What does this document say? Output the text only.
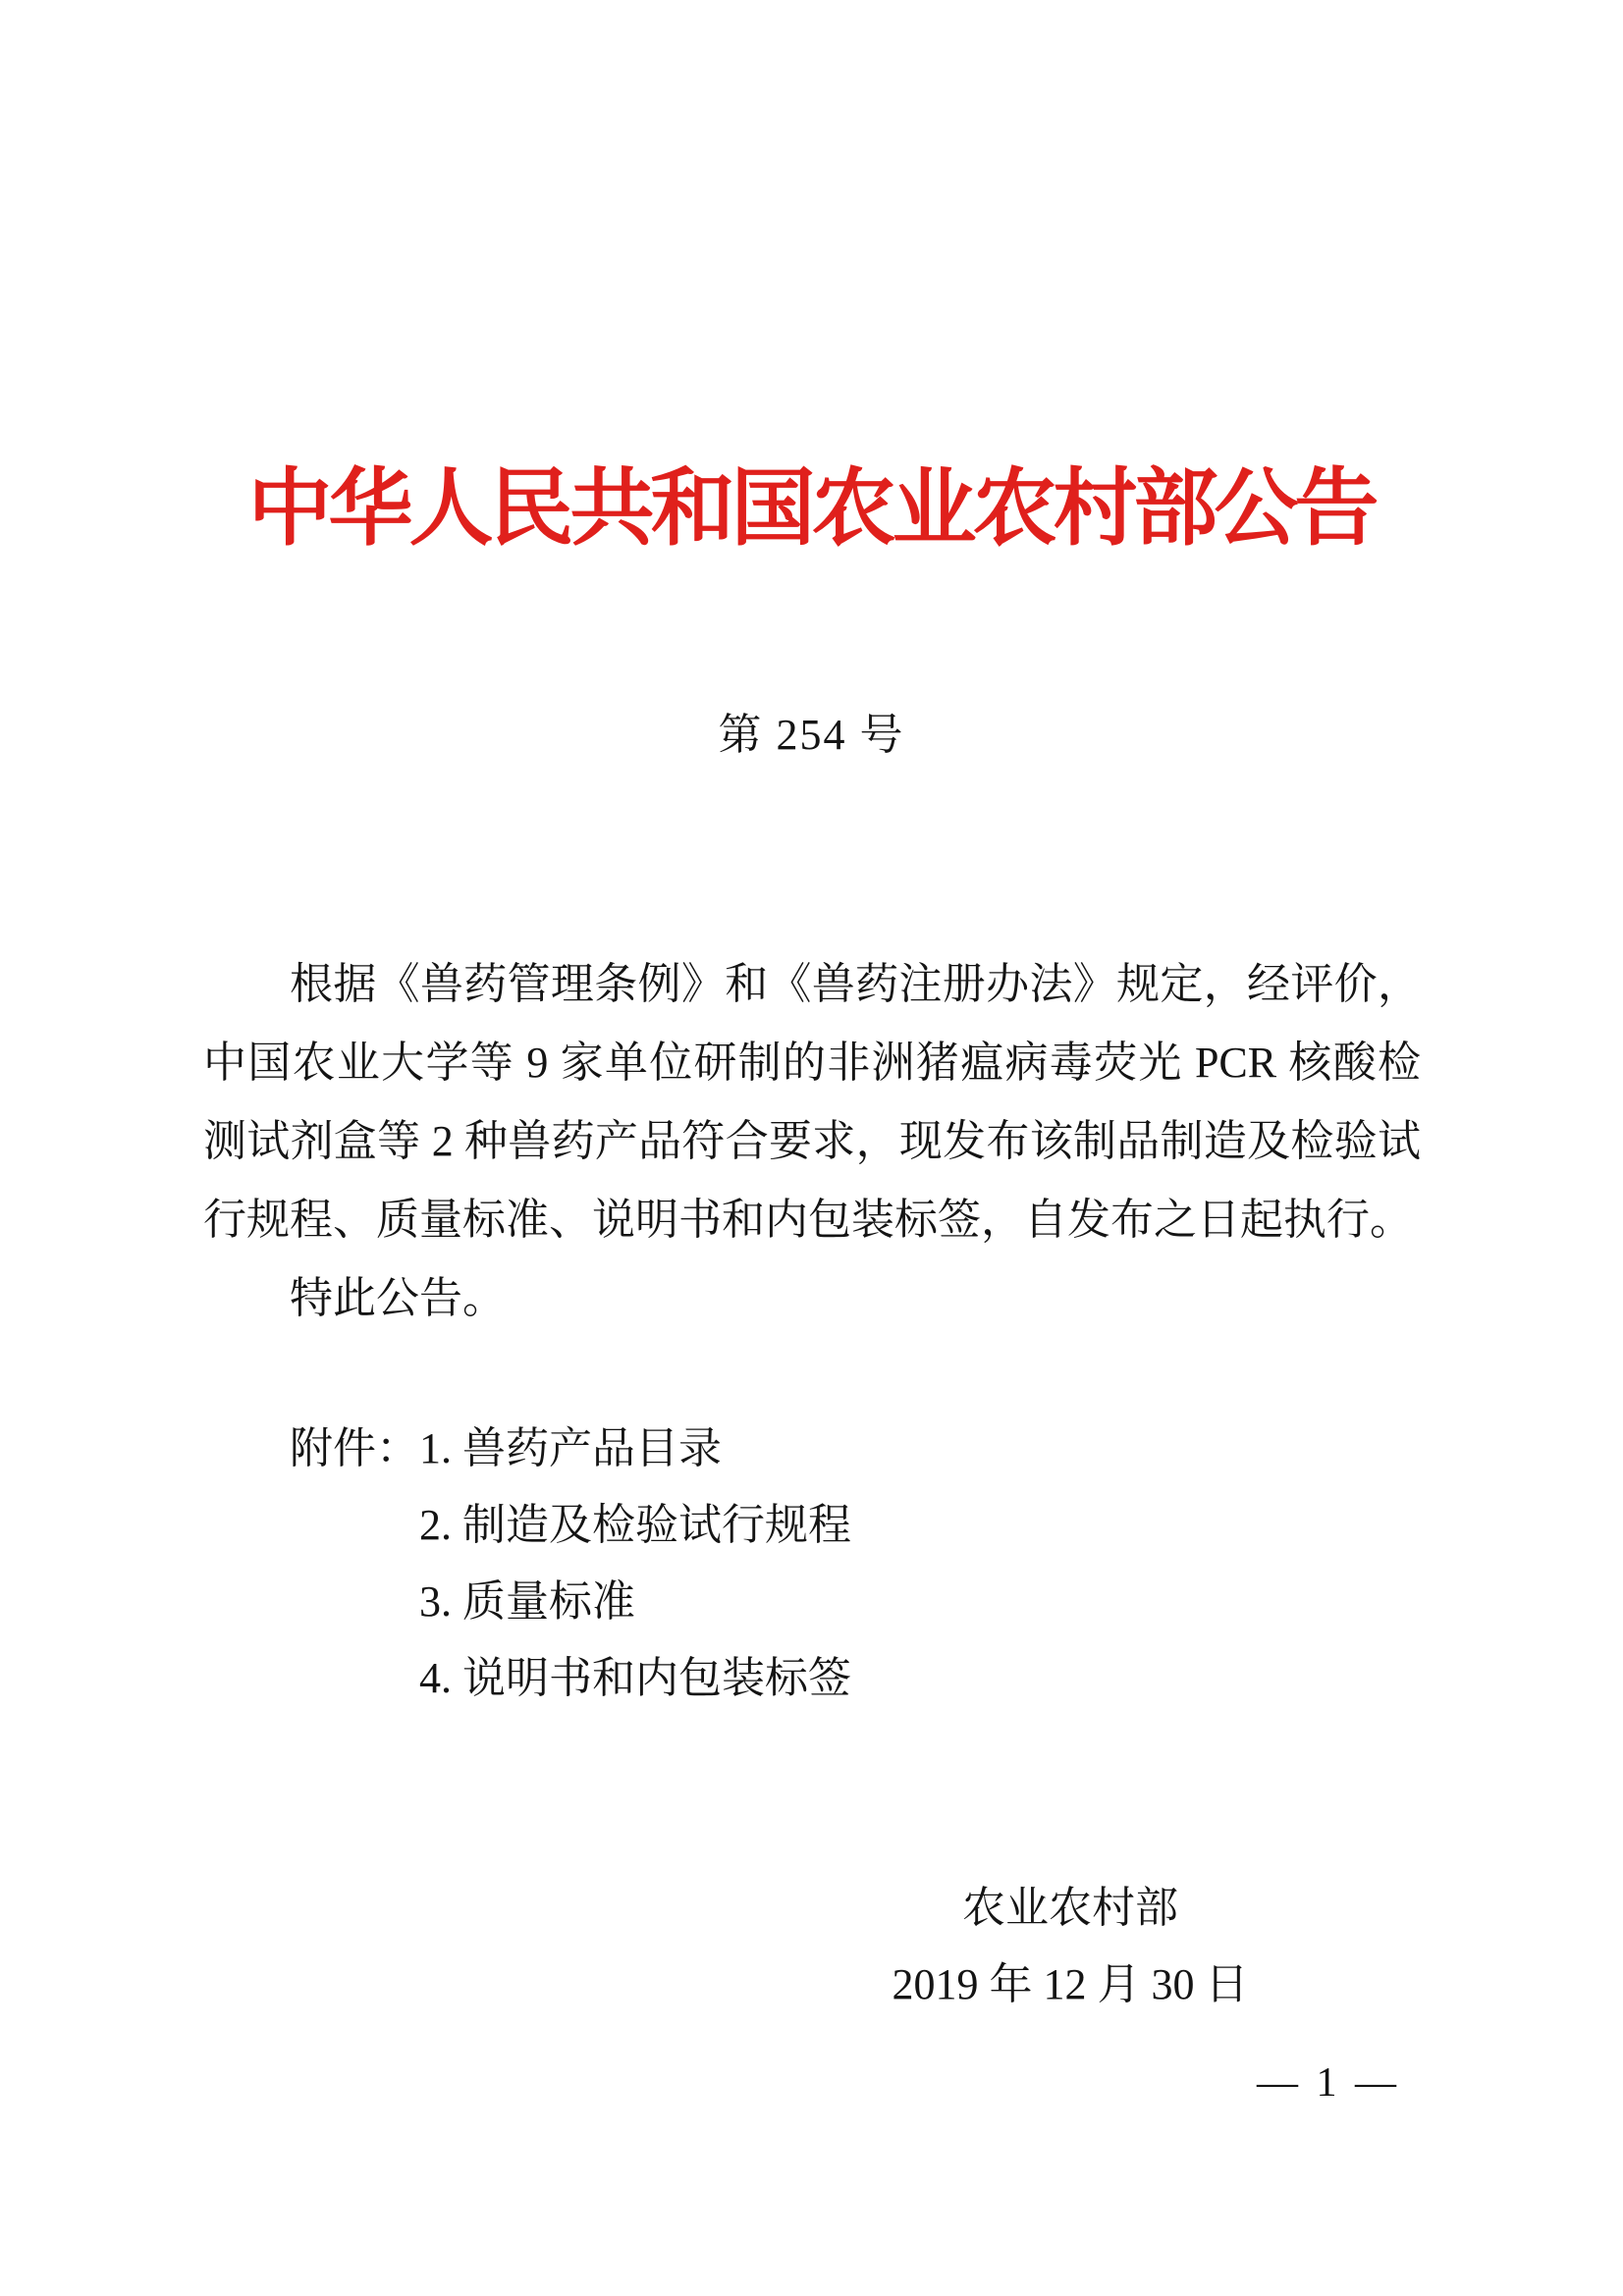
中华人民共和国农业农村部公告
第 254 号

根据《兽药管理条例》和《兽药注册办法》规定，经评价，中国农业大学等 9 家单位研制的非洲猪瘟病毒荧光 PCR 核酸检测试剂盒等 2 种兽药产品符合要求，现发布该制品制造及检验试行规程、质量标准、说明书和内包装标签，自发布之日起执行。

特此公告。

附件： 1. 兽药产品目录
2. 制造及检验试行规程
3. 质量标准
4. 说明书和内包装标签
农业农村部
2019 年 12 月 30 日
— 1 —
